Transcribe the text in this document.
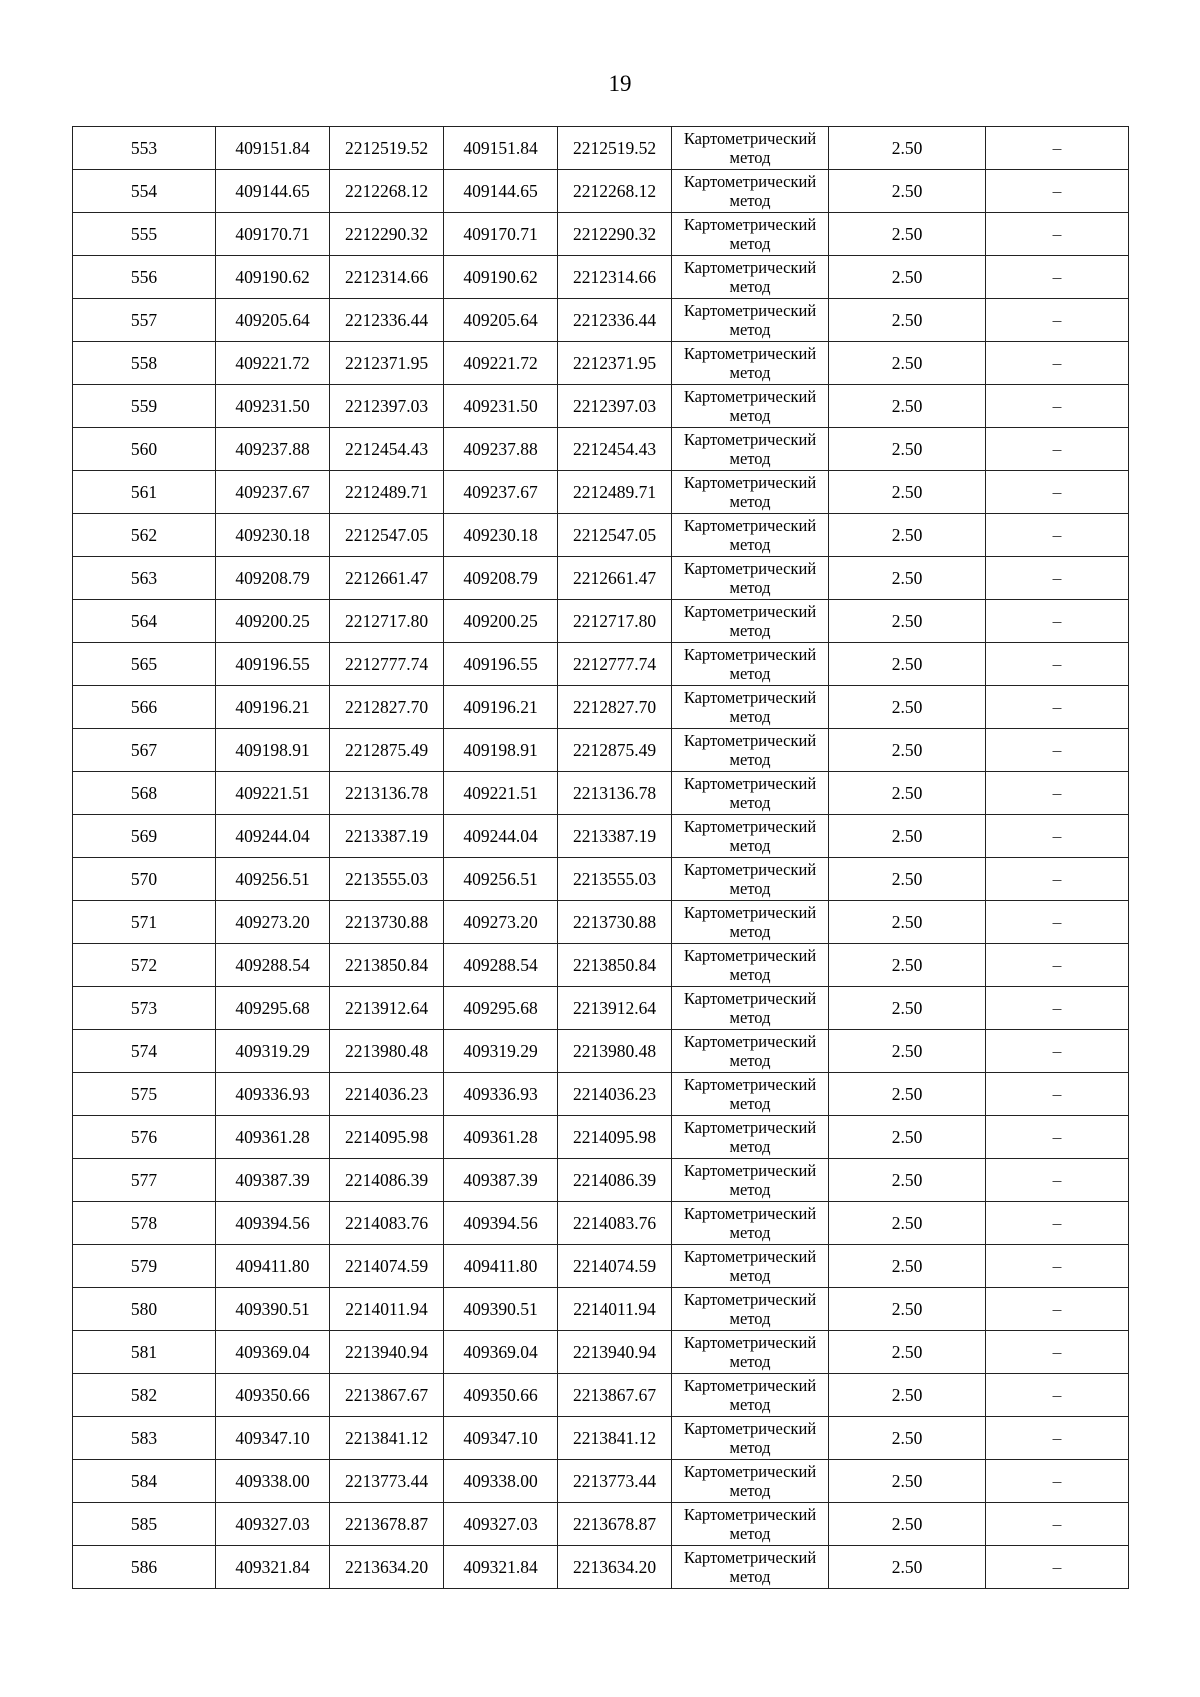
19
553	409151.84	2212519.52	409151.84	2212519.52	Картометрический метод	2.50	–
554	409144.65	2212268.12	409144.65	2212268.12	Картометрический метод	2.50	–
555	409170.71	2212290.32	409170.71	2212290.32	Картометрический метод	2.50	–
556	409190.62	2212314.66	409190.62	2212314.66	Картометрический метод	2.50	–
557	409205.64	2212336.44	409205.64	2212336.44	Картометрический метод	2.50	–
558	409221.72	2212371.95	409221.72	2212371.95	Картометрический метод	2.50	–
559	409231.50	2212397.03	409231.50	2212397.03	Картометрический метод	2.50	–
560	409237.88	2212454.43	409237.88	2212454.43	Картометрический метод	2.50	–
561	409237.67	2212489.71	409237.67	2212489.71	Картометрический метод	2.50	–
562	409230.18	2212547.05	409230.18	2212547.05	Картометрический метод	2.50	–
563	409208.79	2212661.47	409208.79	2212661.47	Картометрический метод	2.50	–
564	409200.25	2212717.80	409200.25	2212717.80	Картометрический метод	2.50	–
565	409196.55	2212777.74	409196.55	2212777.74	Картометрический метод	2.50	–
566	409196.21	2212827.70	409196.21	2212827.70	Картометрический метод	2.50	–
567	409198.91	2212875.49	409198.91	2212875.49	Картометрический метод	2.50	–
568	409221.51	2213136.78	409221.51	2213136.78	Картометрический метод	2.50	–
569	409244.04	2213387.19	409244.04	2213387.19	Картометрический метод	2.50	–
570	409256.51	2213555.03	409256.51	2213555.03	Картометрический метод	2.50	–
571	409273.20	2213730.88	409273.20	2213730.88	Картометрический метод	2.50	–
572	409288.54	2213850.84	409288.54	2213850.84	Картометрический метод	2.50	–
573	409295.68	2213912.64	409295.68	2213912.64	Картометрический метод	2.50	–
574	409319.29	2213980.48	409319.29	2213980.48	Картометрический метод	2.50	–
575	409336.93	2214036.23	409336.93	2214036.23	Картометрический метод	2.50	–
576	409361.28	2214095.98	409361.28	2214095.98	Картометрический метод	2.50	–
577	409387.39	2214086.39	409387.39	2214086.39	Картометрический метод	2.50	–
578	409394.56	2214083.76	409394.56	2214083.76	Картометрический метод	2.50	–
579	409411.80	2214074.59	409411.80	2214074.59	Картометрический метод	2.50	–
580	409390.51	2214011.94	409390.51	2214011.94	Картометрический метод	2.50	–
581	409369.04	2213940.94	409369.04	2213940.94	Картометрический метод	2.50	–
582	409350.66	2213867.67	409350.66	2213867.67	Картометрический метод	2.50	–
583	409347.10	2213841.12	409347.10	2213841.12	Картометрический метод	2.50	–
584	409338.00	2213773.44	409338.00	2213773.44	Картометрический метод	2.50	–
585	409327.03	2213678.87	409327.03	2213678.87	Картометрический метод	2.50	–
586	409321.84	2213634.20	409321.84	2213634.20	Картометрический метод	2.50	–
